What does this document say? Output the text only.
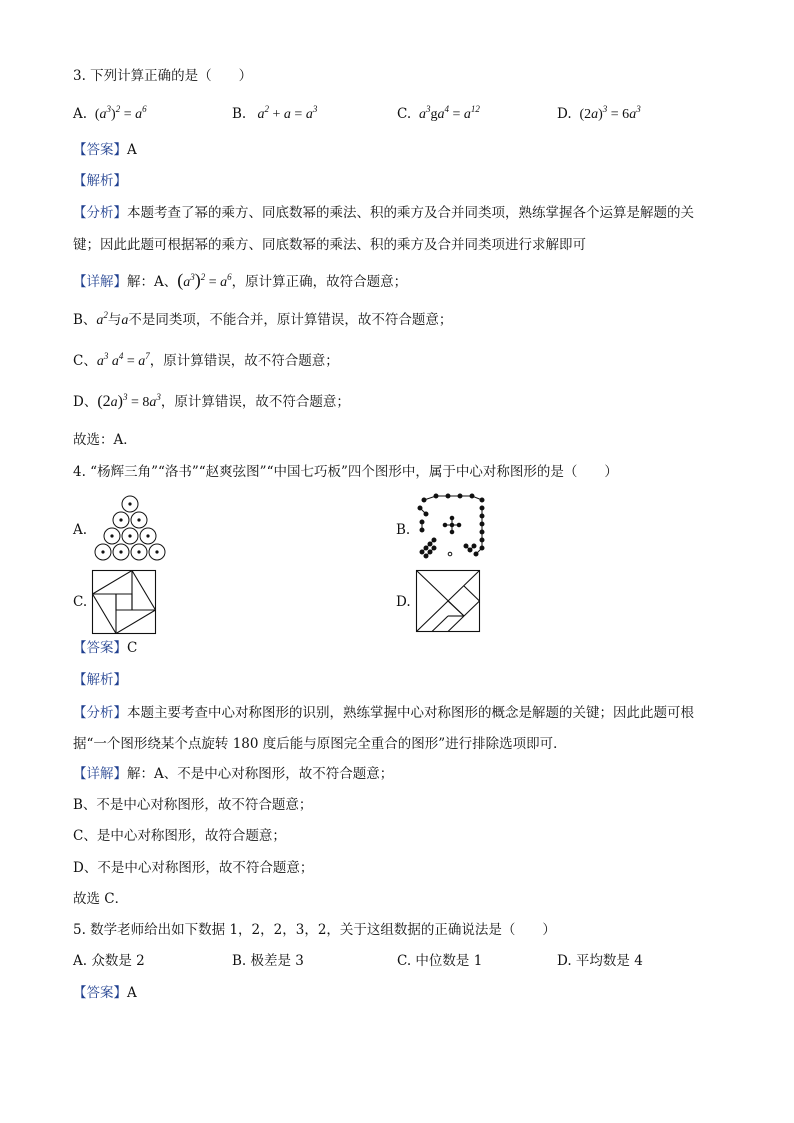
3. 下列计算正确的是（　　）
A. $(a^3)^2 = a^6$	B.   $a^2 + a = a^3$	C.  $a^3ga^4 = a^{12}$	D. $(2a)^3 = 6a^3$
【答案】A
【解析】
【分析】本题考查了幂的乘方、同底数幂的乘法、积的乘方及合并同类项，熟练掌握各个运算是解题的关
键；因此此题可根据幂的乘方、同底数幂的乘法、积的乘方及合并同类项进行求解即可
【详解】解：A、$(a^3)^2 = a^6$，原计算正确，故符合题意；
B、$a^2$与a不是同类项，不能合并，原计算错误，故不符合题意；
C、$a^3$ $a^4 = a^7$，原计算错误，故不符合题意；
D、$(2a)^3 = 8a^3$，原计算错误，故不符合题意；
故选：A．
4. “杨辉三角”“洛书”“赵爽弦图”“中国七巧板”四个图形中，属于中心对称图形的是（　　）
A.	B.
C.	D.
【答案】C
【解析】
【分析】本题主要考查中心对称图形的识别，熟练掌握中心对称图形的概念是解题的关键；因此此题可根
据“一个图形绕某个点旋转 180 度后能与原图完全重合的图形”进行排除选项即可．
【详解】解：A、不是中心对称图形，故不符合题意；
B、不是中心对称图形，故不符合题意；
C、是中心对称图形，故符合题意；
D、不是中心对称图形，故不符合题意；
故选 C．
5. 数学老师给出如下数据 1，2，2，3，2，关于这组数据的正确说法是（　　）
A. 众数是 2	B. 极差是 3	C. 中位数是 1	D. 平均数是 4
【答案】A
